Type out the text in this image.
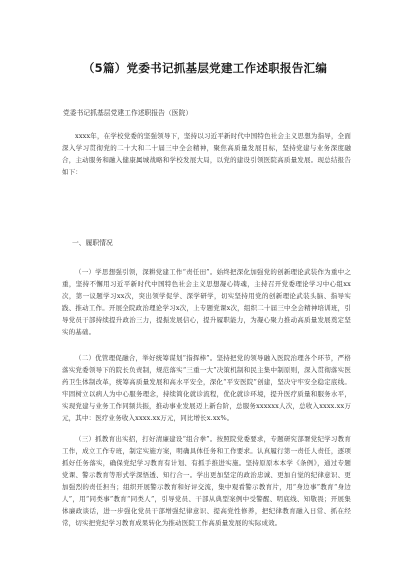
（5篇）党委书记抓基层党建工作述职报告汇编
党委书记抓基层党建工作述职报告（医院）

xxxx年，在学校党委的坚强领导下，坚持以习近平新时代中国特色社会主义思想为指导，全面深入学习贯彻党的二十大和二十届三中全会精神，聚焦高质量发展目标，坚持党建与业务深度融合，主动服务和融入健康属城战略和学校发展大局，以党的建设引领医院高质量发展。现总结报告如下：

一、履职情况

（一）学思想强引领，深耕党建工作“责任田”。始终把深化加强党的创新理论武装作为重中之重，坚持不懈用习近平新时代中国特色社会主义思想凝心铸魂，主持召开党委理论学习中心组xx次，第一议题学习xx次，突出领学促学、深学研学，切实坚持用党的创新理论武装头脑、指导实践、推动工作。开展全院政治理论学习x次，上专题党课x次，组织二十届三中全会精神培训班，引导党员干部持续提升政治三力，提振发展信心，提升履职能力，为凝心聚力推动高质量发展奠定坚实的基础。

（二）优管理促融合，举好统筹谋划“指挥棒”。坚持把党的领导融入医院治理各个环节，严格落实党委领导下的院长负责制，规范落实“三重一大”决策机制和民主集中制原则，深入贯彻落实医药卫生体制改革，统筹高质量发展和高水平安全，深化“平安医院”创建，坚决守牢安全稳定底线。牢固树立以病人为中心服务理念，持续简化就诊流程，优化就诊环境，提升医疗质量和服务水平，实现党建与业务工作同频共振，推动事业发展迈上新台阶，总服务xxxxxx人次，总收入xxxx.xx万元，其中：医疗业务收入xxxx.xx万元，同比增长x.xx%。

（三）抓教育出实招，打好清廉建设“组合拳”。按照院党委要求，专题研究部署党纪学习教育工作，成立工作专班，制定实施方案，明确具体任务和工作要求。认真履行第一责任人责任，逐项抓好任务落实，确保党纪学习教育有计划、有抓手推进实施。坚持原原本本学《条例》，通过专题党课、警示教育等形式学深悟透、知行合一。学出更加坚定的政治忠诚、更加自觉的纪律意识、更加强烈的责任担当；组织开展警示教育和好评交流，集中观看警示教育片，用“身边事”教育“身边人”，用“同类事”教育“同类人”，引导党员、干部从典型案例中受警醒、明底线、知敬畏；开展集体廉政谈话，进一步强化党员干部增强纪律意识、提高党性修养，把纪律教育融入日常、抓在经常，切实把党纪学习教育成果转化为推动医院工作高质量发展的实际成效。
